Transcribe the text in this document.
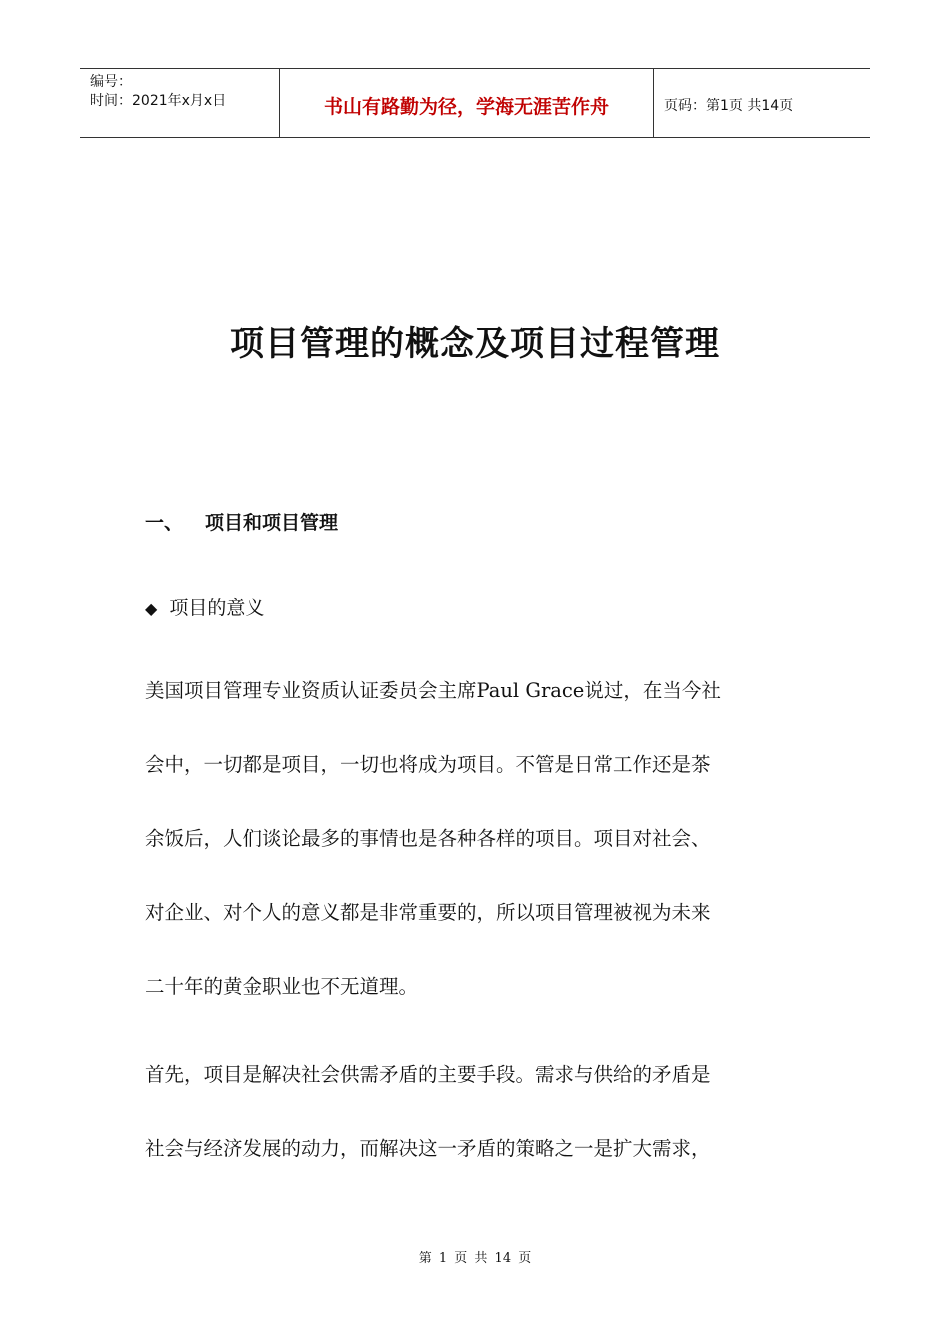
编号：
时间：2021年x月x日	书山有路勤为径，学海无涯苦作舟	页码：第1页 共14页
项目管理的概念及项目过程管理
一、 项目和项目管理
◆ 项目的意义
美国项目管理专业资质认证委员会主席Paul Grace说过，在当今社
会中，一切都是项目，一切也将成为项目。不管是日常工作还是茶
余饭后，人们谈论最多的事情也是各种各样的项目。项目对社会、
对企业、对个人的意义都是非常重要的，所以项目管理被视为未来
二十年的黄金职业也不无道理。
首先，项目是解决社会供需矛盾的主要手段。需求与供给的矛盾是
社会与经济发展的动力，而解决这一矛盾的策略之一是扩大需求，
第 1 页 共 14 页
